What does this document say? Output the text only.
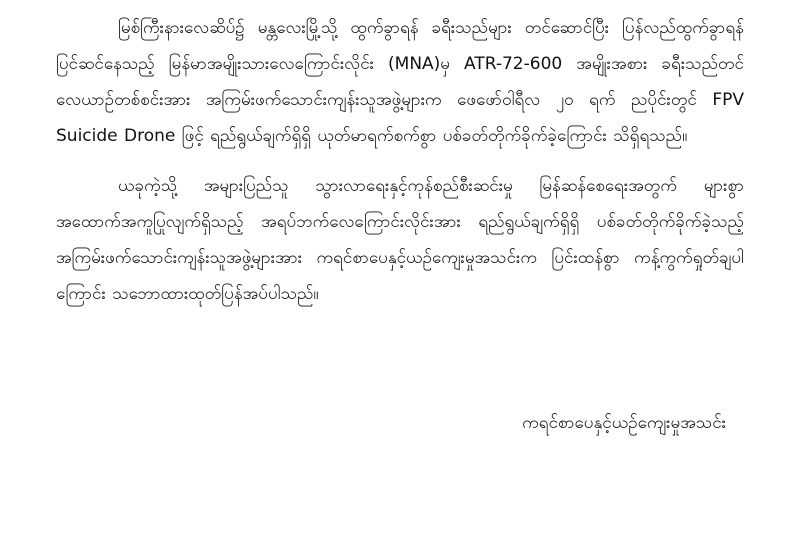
မြစ်ကြီးနားလေဆိပ်၌ မန္တလေးမြို့သို့ ထွက်ခွာရန် ခရီးသည်များ တင်ဆောင်ပြီး ပြန်လည်ထွက်ခွာရန် ပြင်ဆင်နေသည့် မြန်မာအမျိုးသားလေကြောင်းလိုင်း (MNA)မှ ATR-72-600 အမျိုးအစား ခရီးသည်တင် လေယာဉ်တစ်စင်းအား အကြမ်းဖက်သောင်းကျန်းသူအဖွဲ့များက ဖေဖော်ဝါရီလ ၂၀ ရက် ညပိုင်းတွင် FPV Suicide Drone ဖြင့် ရည်ရွယ်ချက်ရှိရှိ ယုတ်မာရက်စက်စွာ ပစ်ခတ်တိုက်ခိုက်ခဲ့ကြောင်း သိရှိရသည်။

ယခုကဲ့သို့ အများပြည်သူ သွားလာရေးနှင့်ကုန်စည်စီးဆင်းမှု မြန်ဆန်စေရေးအတွက် များစွာ အထောက်အကူပြုလျက်ရှိသည့် အရပ်ဘက်လေကြောင်းလိုင်းအား ရည်ရွယ်ချက်ရှိရှိ ပစ်ခတ်တိုက်ခိုက်ခဲ့သည့် အကြမ်းဖက်သောင်းကျန်းသူအဖွဲ့များအား ကရင်စာပေနှင့်ယဉ်ကျေးမှုအသင်းက ပြင်းထန်စွာ ကန့်ကွက်ရှုတ်ချပါကြောင်း သဘောထားထုတ်ပြန်အပ်ပါသည်။

ကရင်စာပေနှင့်ယဉ်ကျေးမှုအသင်း
